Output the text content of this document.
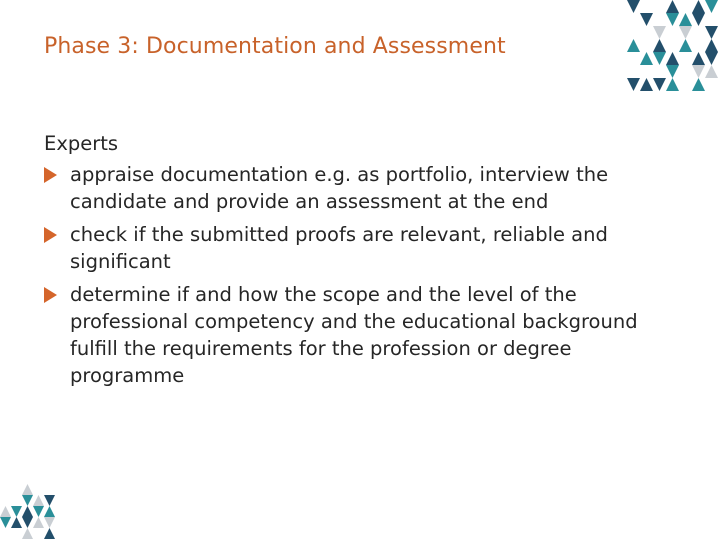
Phase 3: Documentation and Assessment

Experts

appraise documentation e.g. as portfolio, interview the candidate and provide an assessment at the end
check if the submitted proofs are relevant, reliable and significant
determine if and how the scope and the level of the professional competency and the educational background fulfill the requirements for the profession or degree programme
